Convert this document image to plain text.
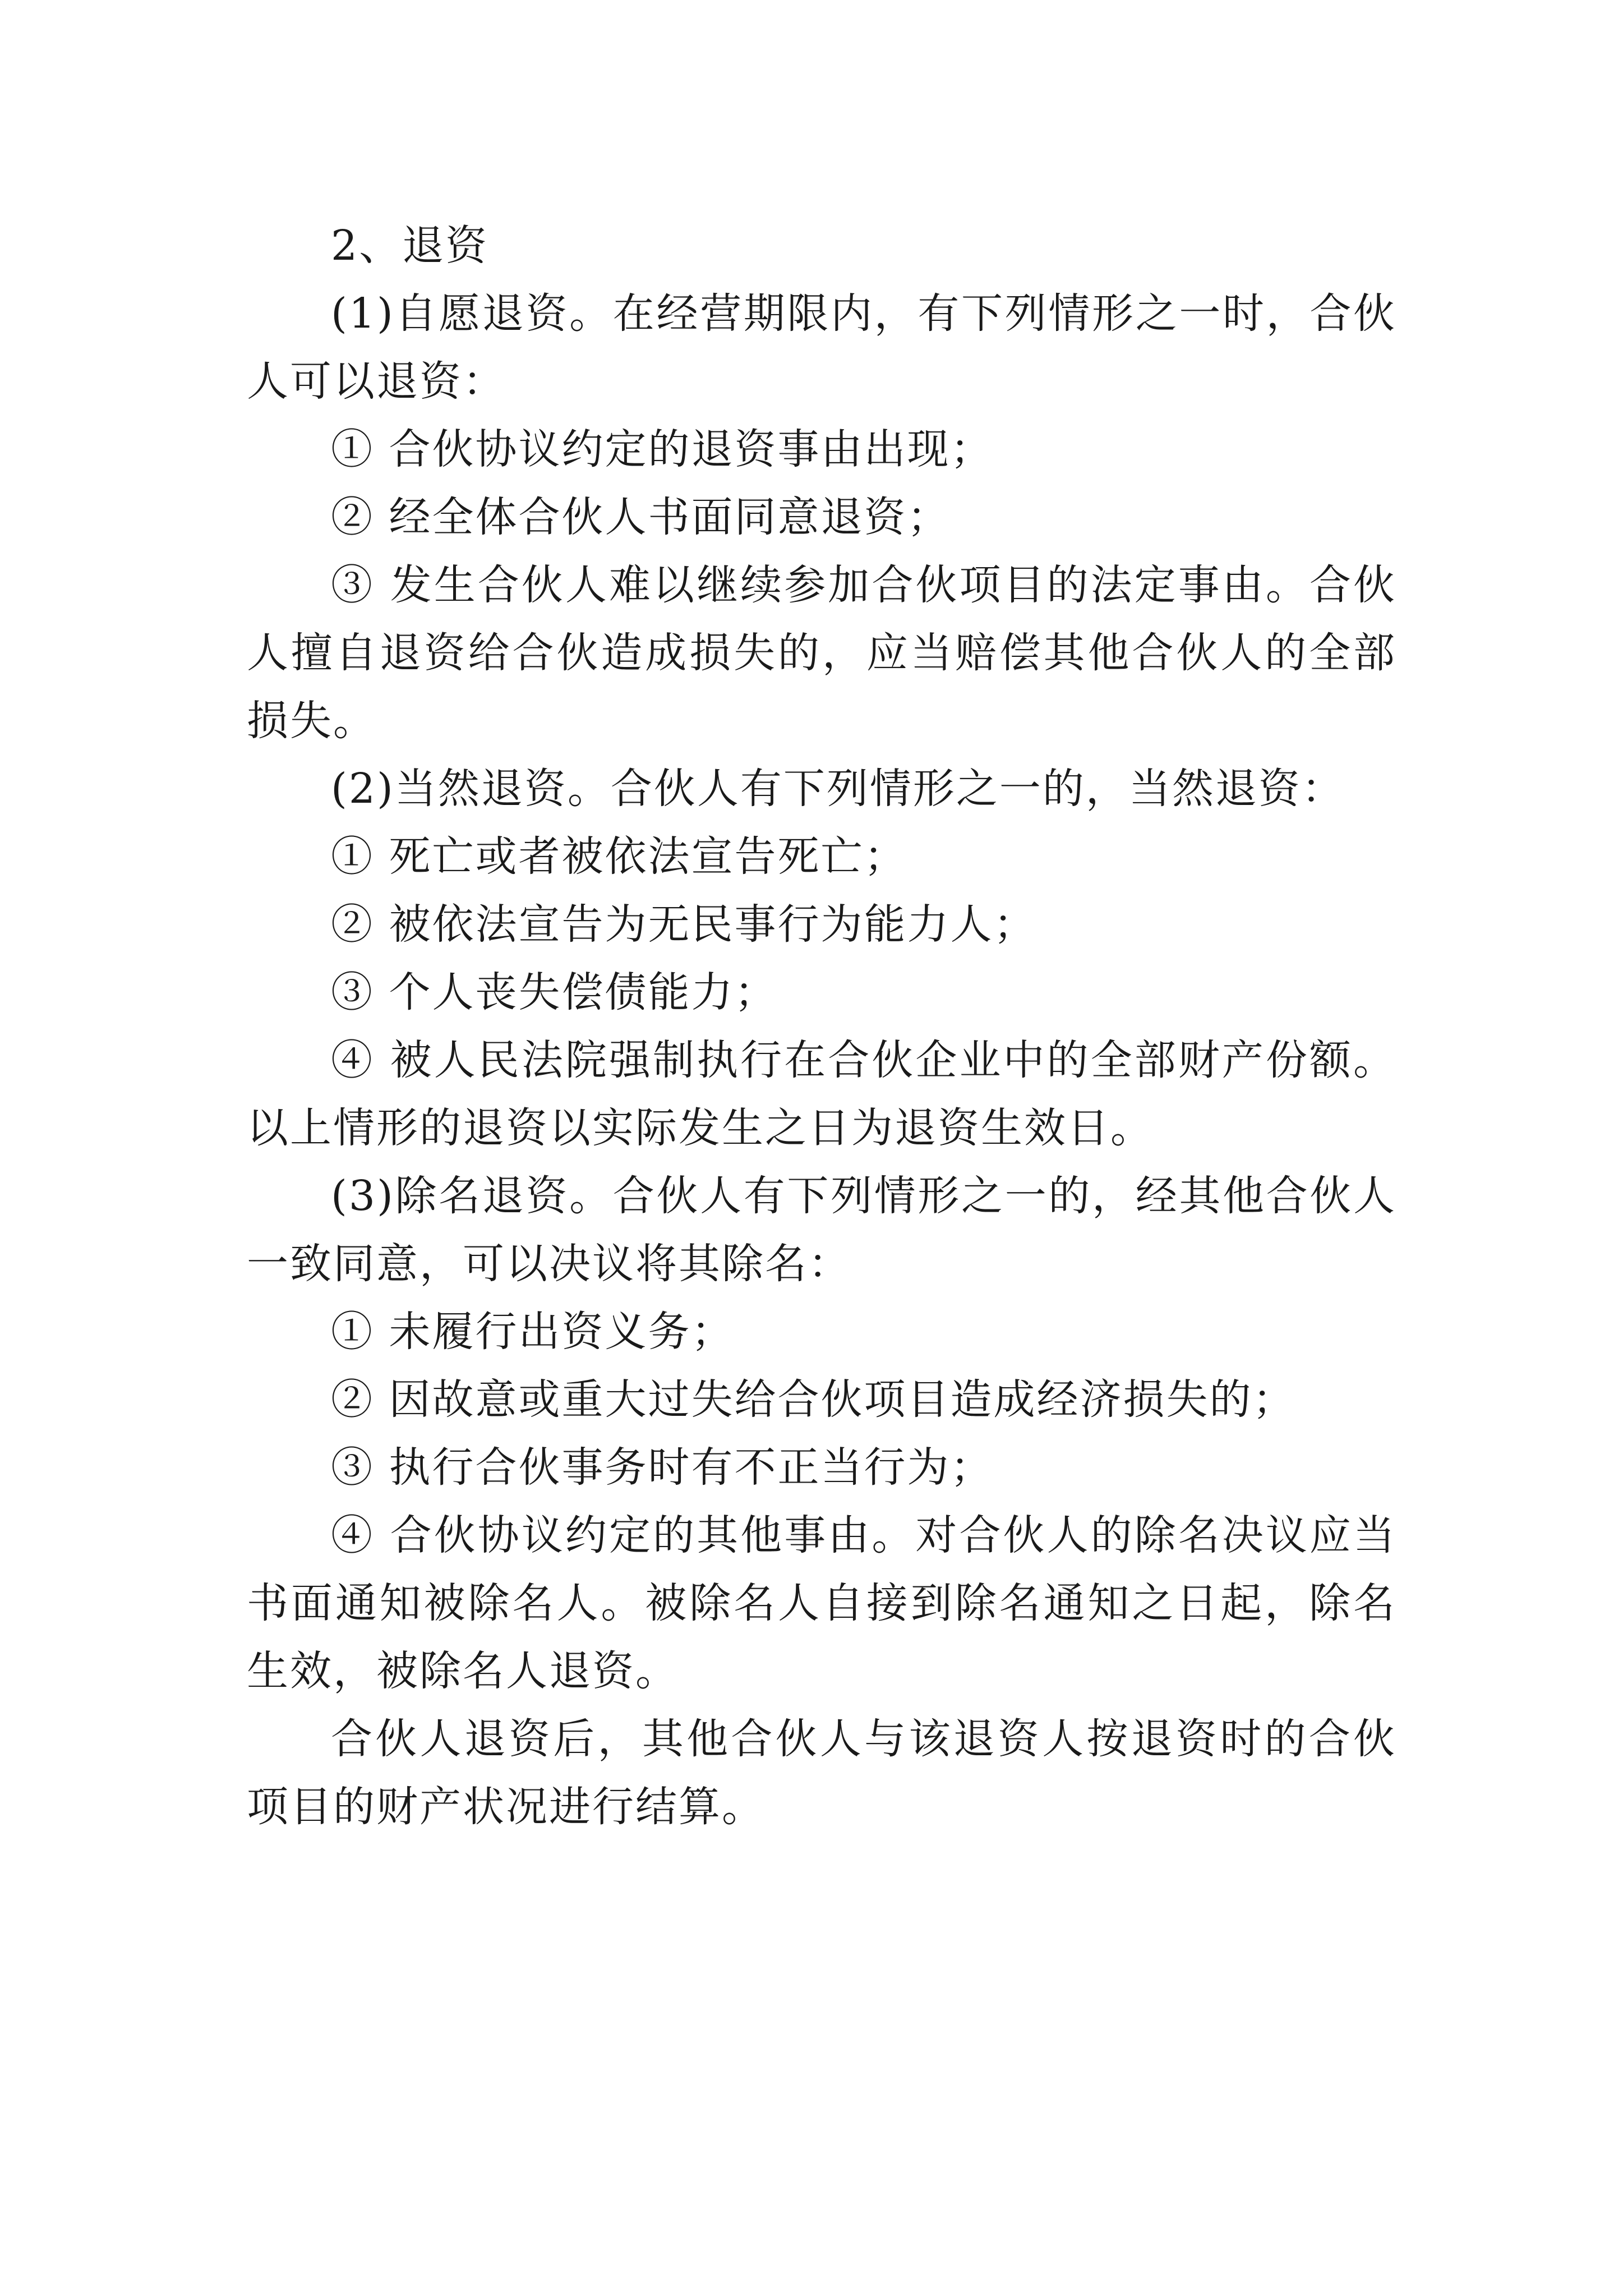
2、退资

(1)自愿退资。在经营期限内，有下列情形之一时，合伙人可以退资：

① 合伙协议约定的退资事由出现；

② 经全体合伙人书面同意退资；

③ 发生合伙人难以继续参加合伙项目的法定事由。合伙人擅自退资给合伙造成损失的，应当赔偿其他合伙人的全部损失。

(2)当然退资。合伙人有下列情形之一的，当然退资：

① 死亡或者被依法宣告死亡；

② 被依法宣告为无民事行为能力人；

③ 个人丧失偿债能力；

④ 被人民法院强制执行在合伙企业中的全部财产份额。以上情形的退资以实际发生之日为退资生效日。

(3)除名退资。合伙人有下列情形之一的，经其他合伙人一致同意，可以决议将其除名：

① 未履行出资义务；

② 因故意或重大过失给合伙项目造成经济损失的；

③ 执行合伙事务时有不正当行为；

④ 合伙协议约定的其他事由。对合伙人的除名决议应当书面通知被除名人。被除名人自接到除名通知之日起，除名生效，被除名人退资。

合伙人退资后，其他合伙人与该退资人按退资时的合伙项目的财产状况进行结算。
